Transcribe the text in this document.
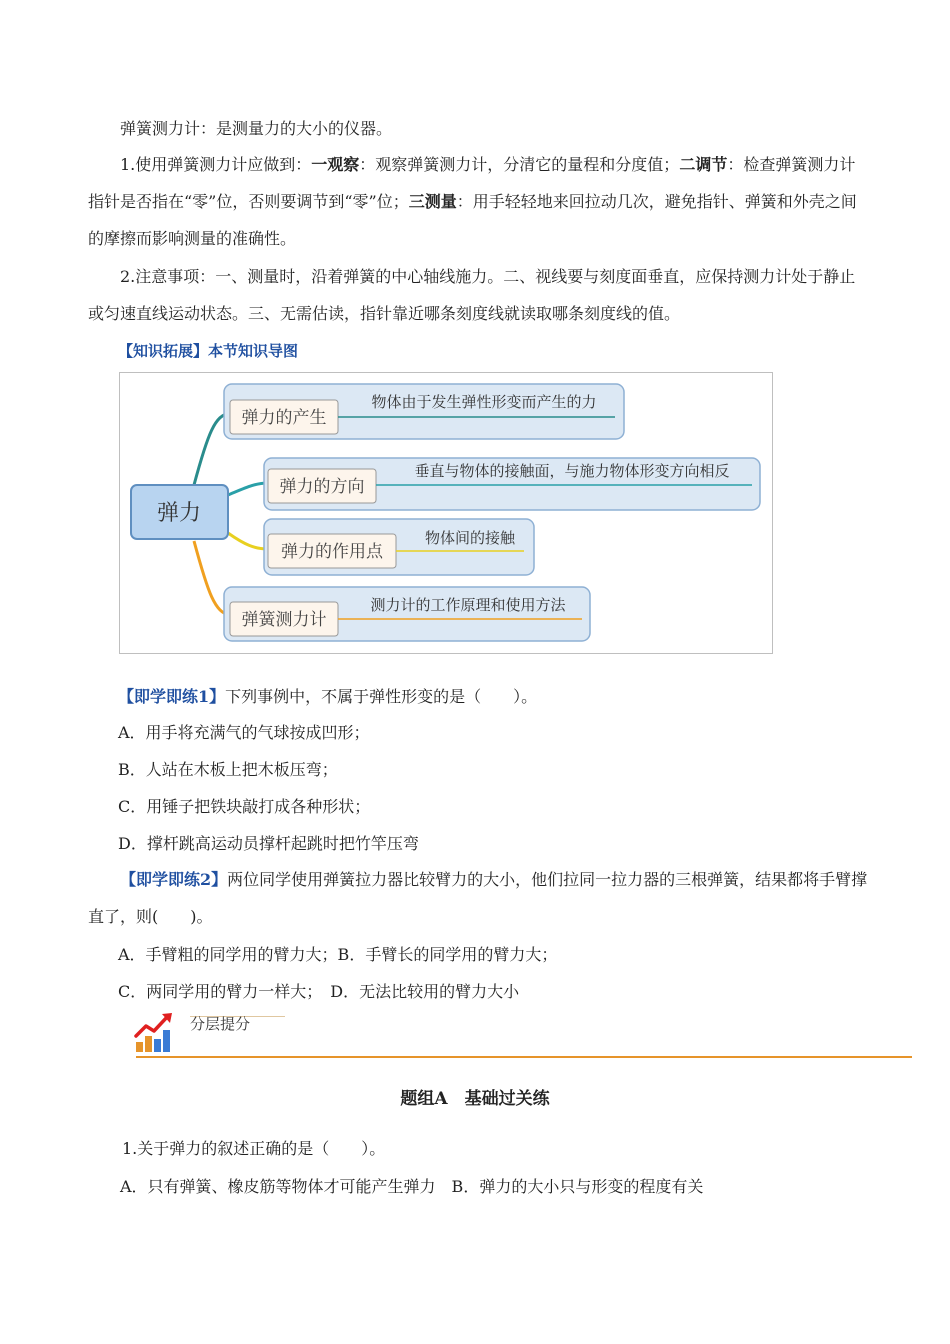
弹簧测力计：是测量力的大小的仪器。

1.使用弹簧测力计应做到：一观察：观察弹簧测力计，分清它的量程和分度值；二调节：检查弹簧测力计指针是否指在“零”位，否则要调节到“零”位；三测量：用手轻轻地来回拉动几次，避免指针、弹簧和外壳之间的摩擦而影响测量的准确性。

2.注意事项：一、测量时，沿着弹簧的中心轴线施力。二、视线要与刻度面垂直，应保持测力计处于静止或匀速直线运动状态。三、无需估读，指针靠近哪条刻度线就读取哪条刻度线的值。

【知识拓展】本节知识导图
弹力的产生
物体由于发生弹性形变而产生的力
弹力的方向
垂直与物体的接触面，与施力物体形变方向相反
弹力的作用点
物体间的接触
弹簧测力计
测力计的工作原理和使用方法
弹力
【即学即练1】下列事例中，不属于弹性形变的是（　　）。
A．用手将充满气的气球按成凹形；
B．人站在木板上把木板压弯；
C．用锤子把铁块敲打成各种形状；
D．撑杆跳高运动员撑杆起跳时把竹竿压弯

【即学即练2】两位同学使用弹簧拉力器比较臂力的大小，他们拉同一拉力器的三根弹簧，结果都将手臂撑直了，则(　　)。

A．手臂粗的同学用的臂力大；B．手臂长的同学用的臂力大；
C．两同学用的臂力一样大；　D．无法比较用的臂力大小
分层提分
题组A　基础过关练
1.关于弹力的叙述正确的是（　　）。
A．只有弹簧、橡皮筋等物体才可能产生弹力　B．弹力的大小只与形变的程度有关
